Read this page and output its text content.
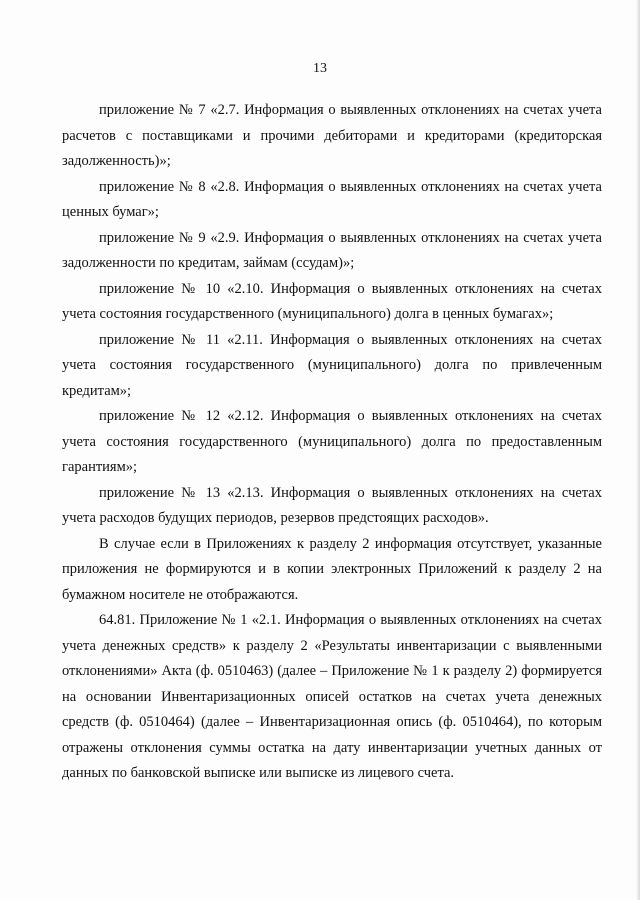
13

приложение № 7 «2.7. Информация о выявленных отклонениях на счетах учета расчетов с поставщиками и прочими дебиторами и кредиторами (кредиторская задолженность)»;

приложение № 8 «2.8. Информация о выявленных отклонениях на счетах учета ценных бумаг»;

приложение № 9 «2.9. Информация о выявленных отклонениях на счетах учета задолженности по кредитам, займам (ссудам)»;

приложение № 10 «2.10. Информация о выявленных отклонениях на счетах учета состояния государственного (муниципального) долга в ценных бумагах»;

приложение № 11 «2.11. Информация о выявленных отклонениях на счетах учета состояния государственного (муниципального) долга по привлеченным кредитам»;

приложение № 12 «2.12. Информация о выявленных отклонениях на счетах учета состояния государственного (муниципального) долга по предоставленным гарантиям»;

приложение № 13 «2.13. Информация о выявленных отклонениях на счетах учета расходов будущих периодов, резервов предстоящих расходов».

В случае если в Приложениях к разделу 2 информация отсутствует, указанные приложения не формируются и в копии электронных Приложений к разделу 2 на бумажном носителе не отображаются.

64.81. Приложение № 1 «2.1. Информация о выявленных отклонениях на счетах учета денежных средств» к разделу 2 «Результаты инвентаризации с выявленными отклонениями» Акта (ф. 0510463) (далее – Приложение № 1 к разделу 2) формируется на основании Инвентаризационных описей остатков на счетах учета денежных средств (ф. 0510464) (далее – Инвентаризационная опись (ф. 0510464), по которым отражены отклонения суммы остатка на дату инвентаризации учетных данных от данных по банковской выписке или выписке из лицевого счета.
